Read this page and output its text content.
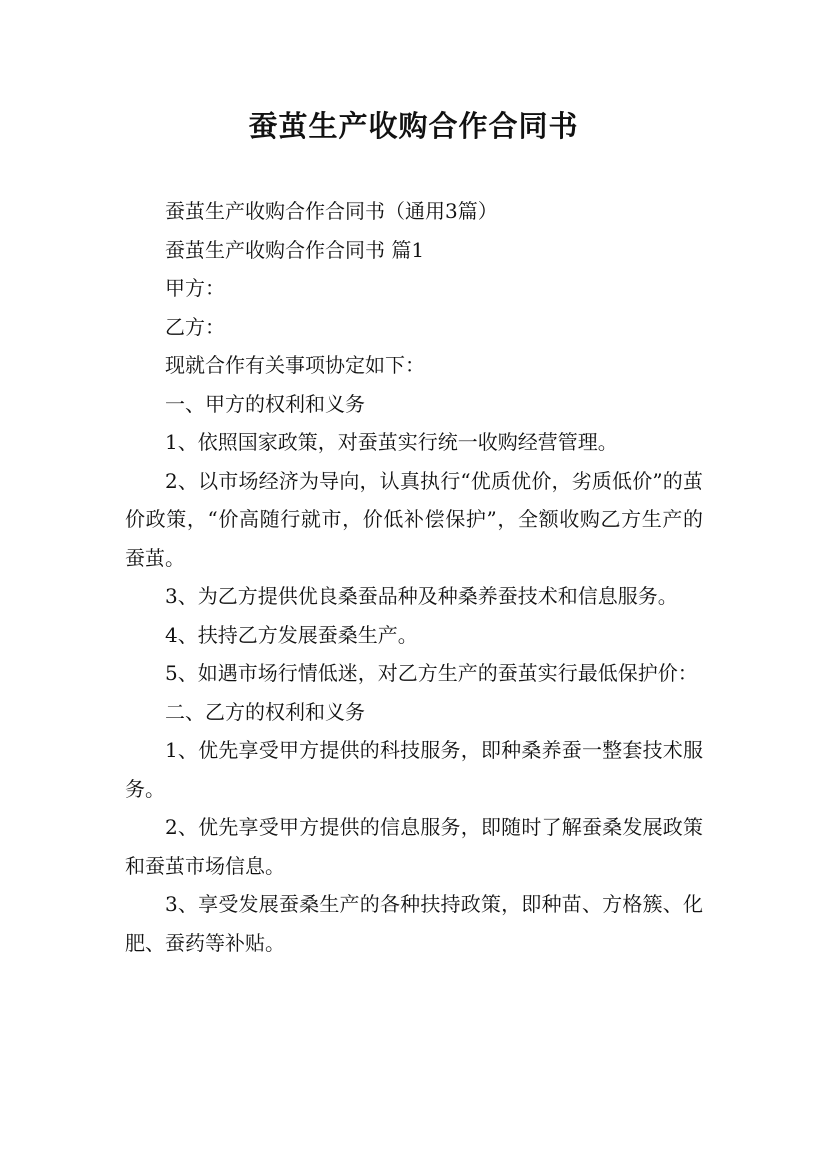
蚕茧生产收购合作合同书

蚕茧生产收购合作合同书（通用3篇）

蚕茧生产收购合作合同书 篇1

甲方：

乙方：

现就合作有关事项协定如下：

一、甲方的权利和义务

1、依照国家政策，对蚕茧实行统一收购经营管理。

2、以市场经济为导向，认真执行“优质优价，劣质低价”的茧价政策，“价高随行就市，价低补偿保护”，全额收购乙方生产的蚕茧。

3、为乙方提供优良桑蚕品种及种桑养蚕技术和信息服务。

4、扶持乙方发展蚕桑生产。

5、如遇市场行情低迷，对乙方生产的蚕茧实行最低保护价：

二、乙方的权利和义务

1、优先享受甲方提供的科技服务，即种桑养蚕一整套技术服务。

2、优先享受甲方提供的信息服务，即随时了解蚕桑发展政策和蚕茧市场信息。

3、享受发展蚕桑生产的各种扶持政策，即种苗、方格簇、化肥、蚕药等补贴。
